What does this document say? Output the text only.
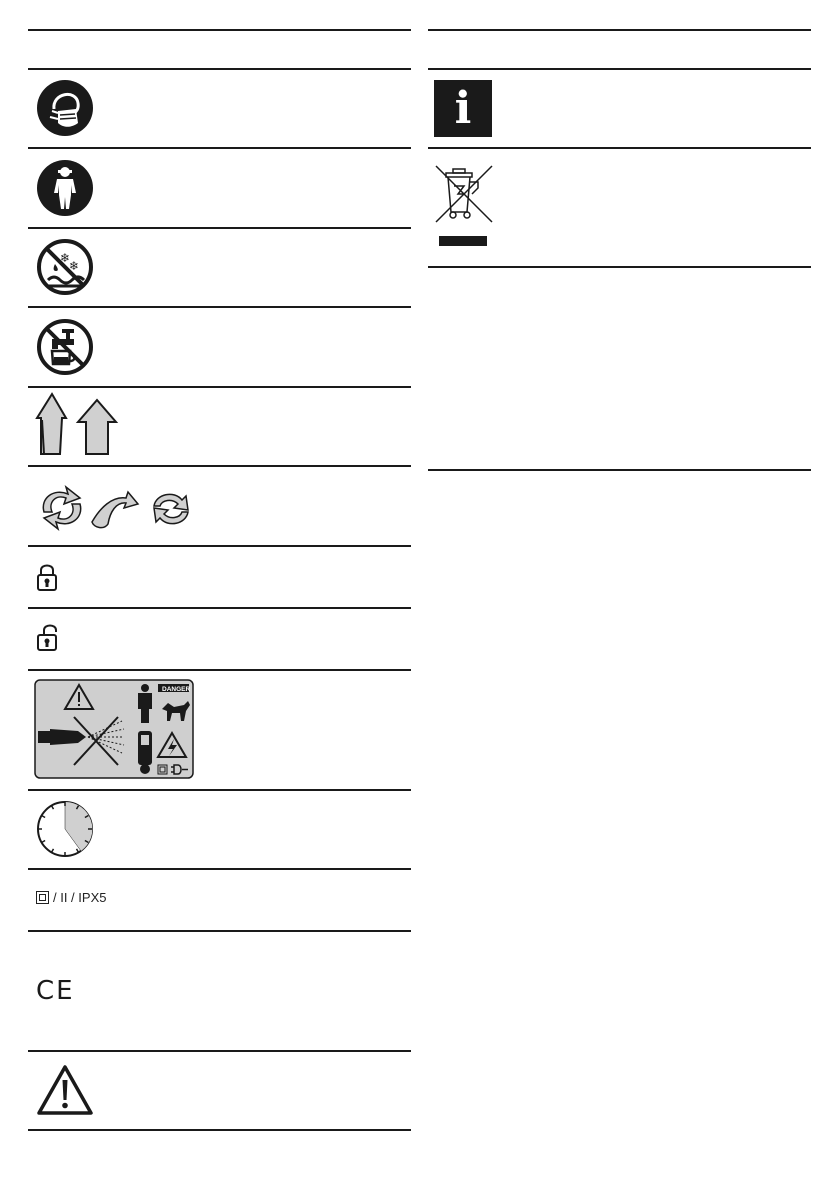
❄
❄
DANGER
/ II / IPX5
CE
i
